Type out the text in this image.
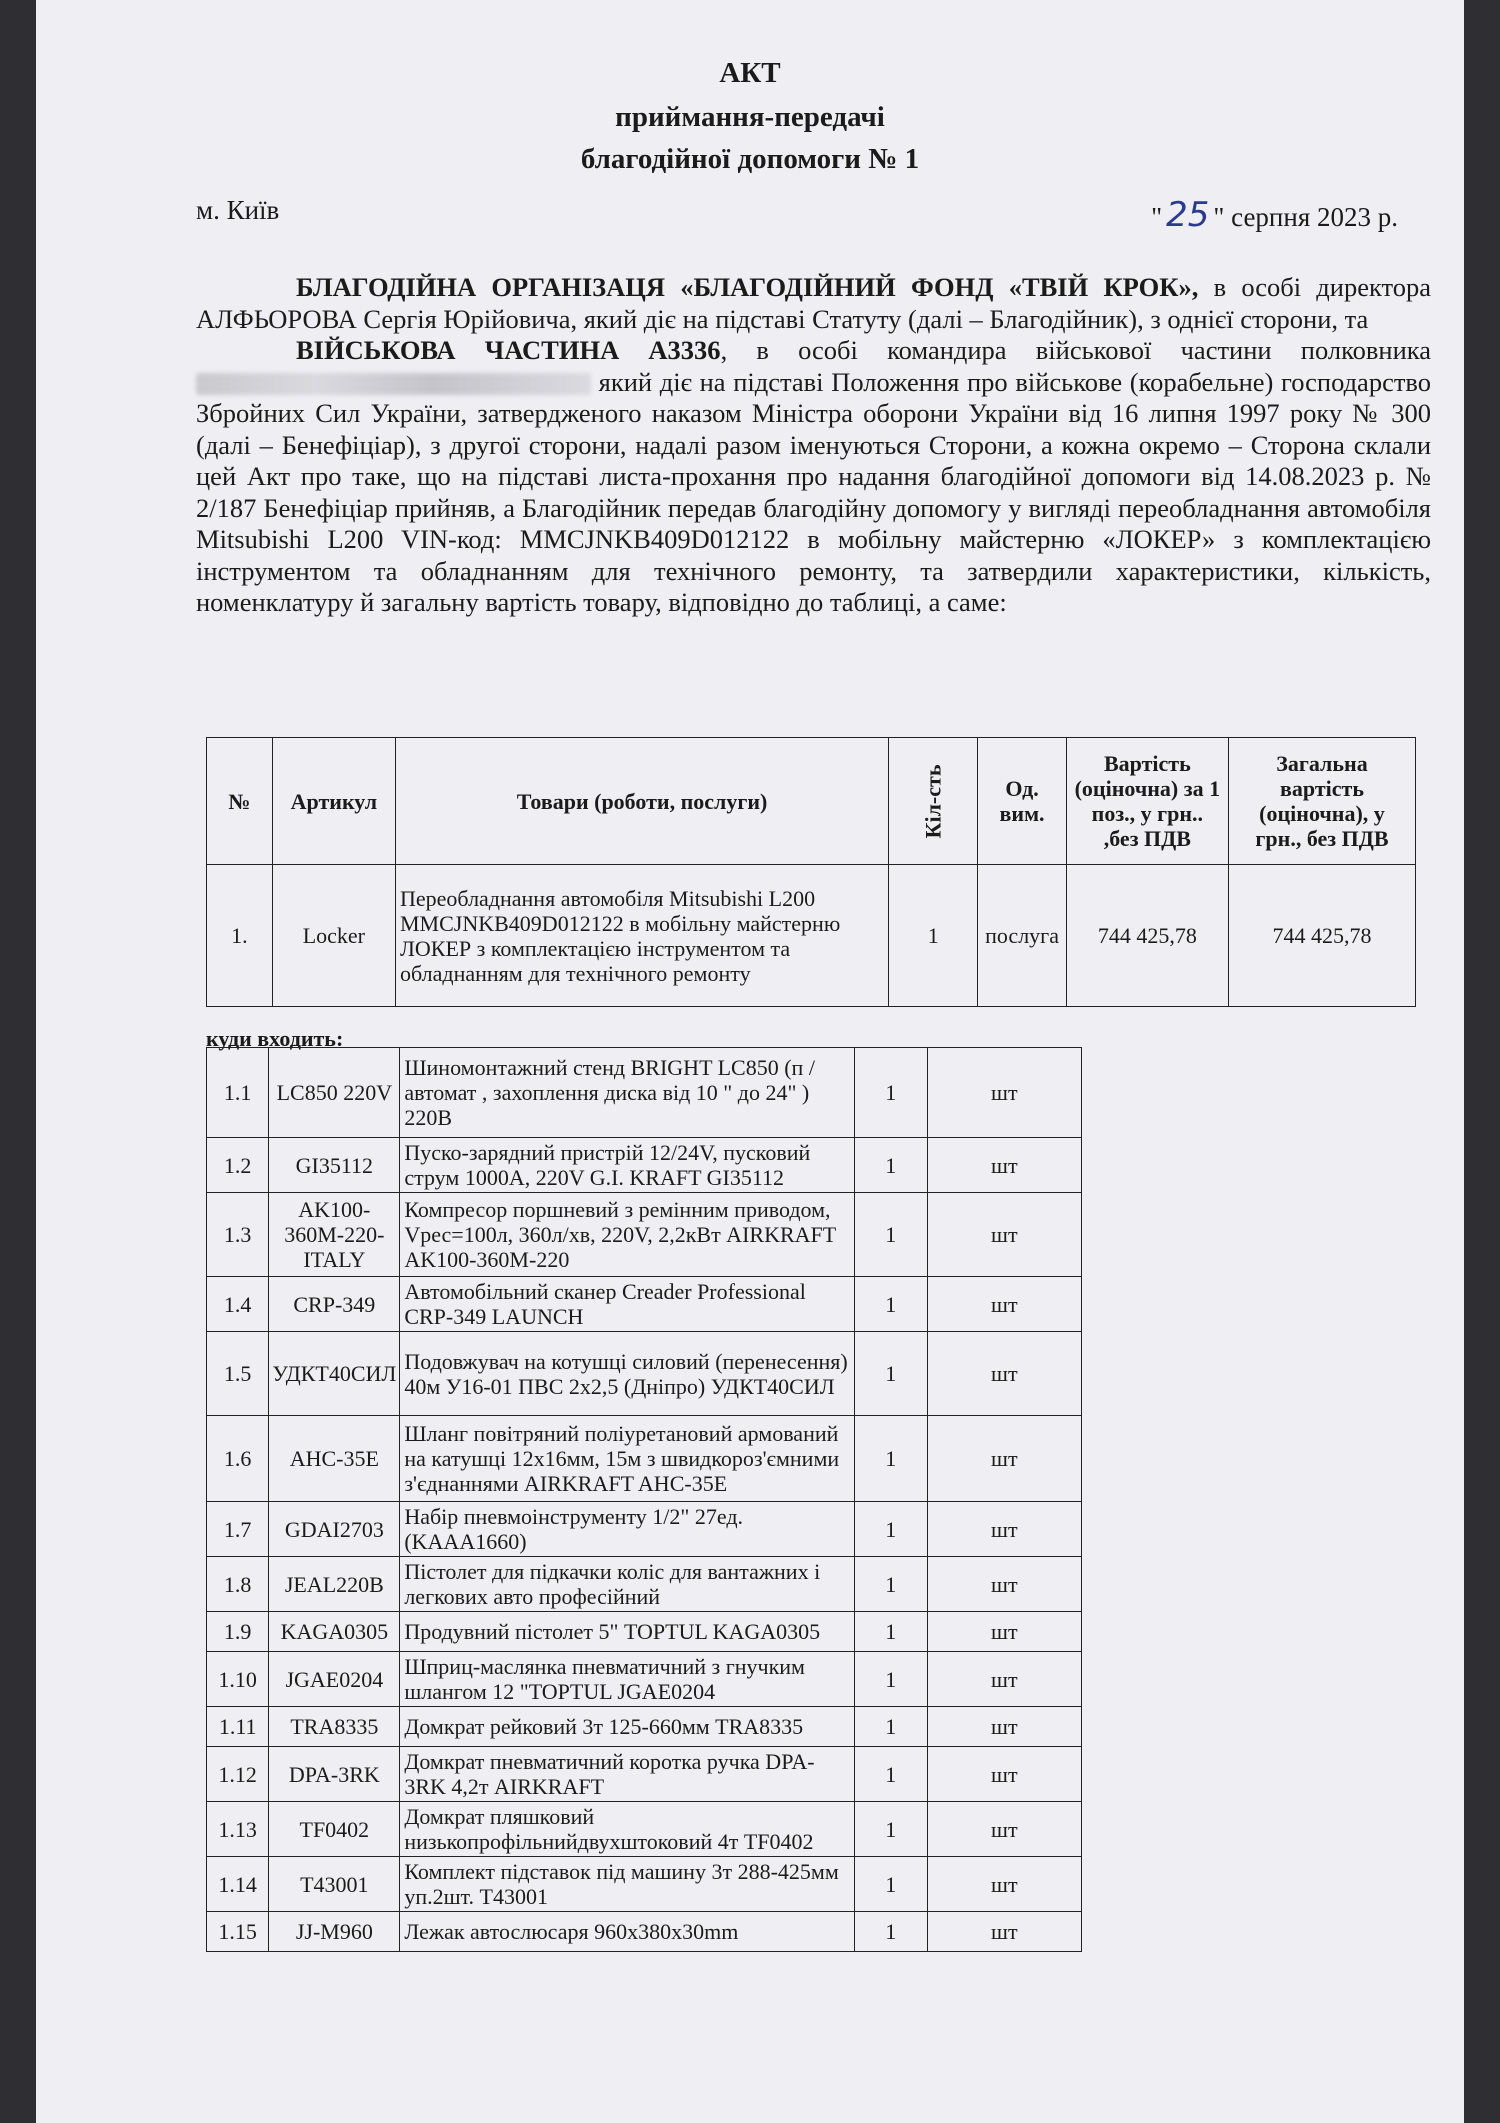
АКТ
приймання-передачі
благодійної допомоги № 1
м. Київ	" 25 " серпня 2023 р.

БЛАГОДІЙНА ОРГАНІЗАЦЯ «БЛАГОДІЙНИЙ ФОНД «ТВІЙ КРОК», в особі директора АЛФЬОРОВА Сергія Юрійовича, який діє на підставі Статуту (далі – Благодійник), з однієї сторони, та

ВІЙСЬКОВА ЧАСТИНА А3336, в особі командира військової частини полковника  який діє на підставі Положення про військове (корабельне) господарство Збройних Сил України, затвердженого наказом Міністра оборони України від 16 липня 1997 року № 300 (далі – Бенефіціар), з другої сторони, надалі разом іменуються Сторони, а кожна окремо – Сторона склали цей Акт про таке, що на підставі листа-прохання про надання благодійної допомоги від 14.08.2023 р. № 2/187 Бенефіціар прийняв, а Благодійник передав благодійну допомогу у вигляді переобладнання автомобіля Mitsubishi L200 VIN-код: MMCJNKB409D012122 в мобільну майстерню «ЛОКЕР» з комплектацією інструментом та обладнанням для технічного ремонту, та затвердили характеристики, кількість, номенклатуру й загальну вартість товару, відповідно до таблиці, а саме:

№	Артикул	Товари (роботи, послуги)	Кіл-сть	Од. вим.	Вартість (оціночна) за 1 поз., у грн.. ,без ПДВ	Загальна вартість (оціночна), у грн., без ПДВ
1.	Locker	Переобладнання автомобіля Mitsubishi L200 MMCJNKB409D012122 в мобільну майстерню ЛОКЕР з комплектацією інструментом та обладнанням для технічного ремонту	1	послуга	744 425,78	744 425,78
куди входить:
1.1	LC850 220V	Шиномонтажний стенд BRIGHT LC850 (п / автомат , захоплення диска від 10 " до 24" ) 220В	1	шт
1.2	GI35112	Пуско-зарядний пристрій 12/24V, пусковий струм 1000А, 220V G.I. KRAFT GI35112	1	шт
1.3	AK100-360M-220-ITALY	Компресор поршневий з ремінним приводом, Vрес=100л, 360л/хв, 220V, 2,2кВт AIRKRAFT AK100-360M-220	1	шт
1.4	CRP-349	Автомобільний сканер Creader Professional CRP-349 LAUNCH	1	шт
1.5	УДКТ40СИЛ	Подовжувач на котушці силовий (перенесення) 40м У16-01 ПВС 2х2,5 (Дніпро) УДКТ40СИЛ	1	шт
1.6	AHC-35E	Шланг повітряний поліуретановий армований на катушці 12х16мм, 15м з швидкороз'ємними з'єднаннями AIRKRAFT AHC-35E	1	шт
1.7	GDAI2703	Набір пневмоінструменту 1/2" 27ед. (KAAA1660)	1	шт
1.8	JEAL220B	Пістолет для підкачки коліс для вантажних і легкових авто професійний	1	шт
1.9	KAGA0305	Продувний пістолет 5" TOPTUL KAGA0305	1	шт
1.10	JGAE0204	Шприц-маслянка пневматичний з гнучким шлангом 12 "TOPTUL JGAE0204	1	шт
1.11	TRA8335	Домкрат рейковий 3т 125-660мм TRA8335	1	шт
1.12	DPA-3RK	Домкрат пневматичний коротка ручка DPA-3RK 4,2т AIRKRAFT	1	шт
1.13	TF0402	Домкрат пляшковий низькопрофільнийдвухштоковий 4т TF0402	1	шт
1.14	T43001	Комплект підставок під машину 3т 288-425мм уп.2шт. T43001	1	шт
1.15	JJ-M960	Лежак автослюсаря 960х380х30mm	1	шт
